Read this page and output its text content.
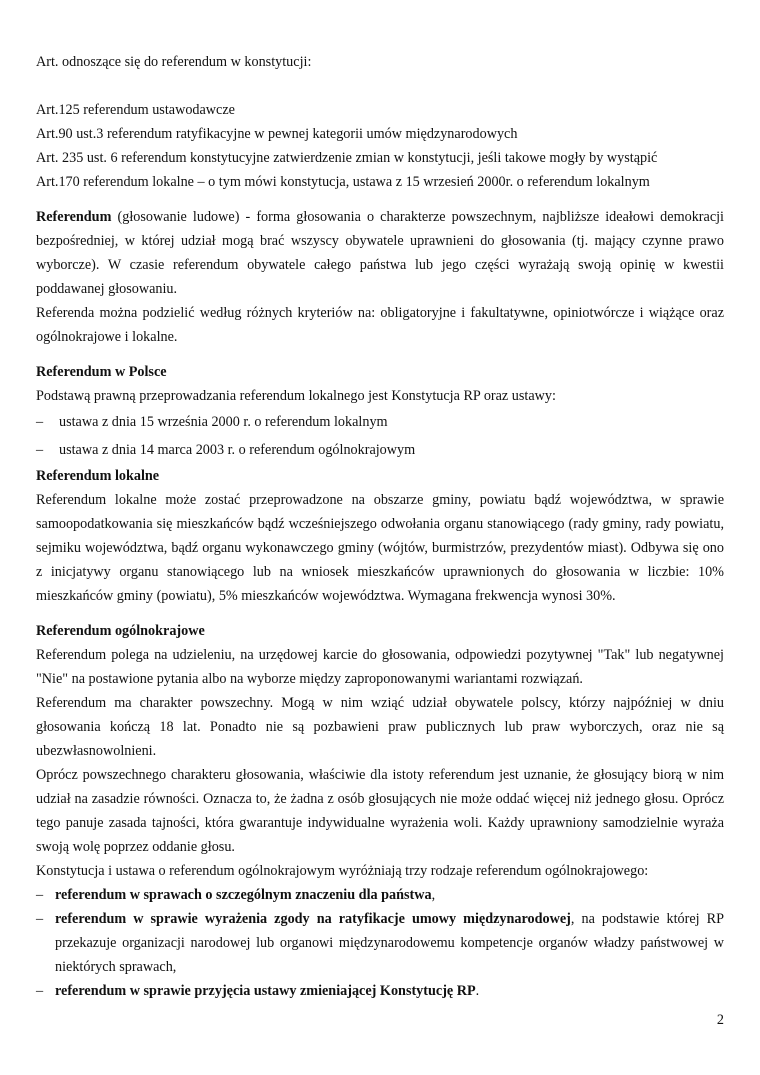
Art. odnoszące się do referendum w konstytucji:

Art.125 referendum ustawodawcze

Art.90 ust.3 referendum ratyfikacyjne w pewnej kategorii umów międzynarodowych

Art. 235 ust. 6 referendum konstytucyjne zatwierdzenie zmian w konstytucji, jeśli takowe mogły by wystąpić

Art.170 referendum lokalne – o tym mówi konstytucja, ustawa z 15 wrzesień 2000r. o referendum lokalnym

Referendum (głosowanie ludowe) - forma głosowania o charakterze powszechnym, najbliższe ideałowi demokracji bezpośredniej, w której udział mogą brać wszyscy obywatele uprawnieni do głosowania (tj. mający czynne prawo wyborcze). W czasie referendum obywatele całego państwa lub jego części wyrażają swoją opinię w kwestii poddawanej głosowaniu.

Referenda można podzielić według różnych kryteriów na: obligatoryjne i fakultatywne, opiniotwórcze i wiążące oraz ogólnokrajowe i lokalne.

Referendum w Polsce

Podstawą prawną przeprowadzania referendum lokalnego jest Konstytucja RP oraz ustawy:

– ustawa z dnia 15 września 2000 r. o referendum lokalnym
– ustawa z dnia 14 marca 2003 r. o referendum ogólnokrajowym

Referendum lokalne

Referendum lokalne może zostać przeprowadzone na obszarze gminy, powiatu bądź województwa, w sprawie samoopodatkowania się mieszkańców bądź wcześniejszego odwołania organu stanowiącego (rady gminy, rady powiatu, sejmiku województwa, bądź organu wykonawczego gminy (wójtów, burmistrzów, prezydentów miast). Odbywa się ono z inicjatywy organu stanowiącego lub na wniosek mieszkańców uprawnionych do głosowania w liczbie: 10% mieszkańców gminy (powiatu), 5% mieszkańców województwa. Wymagana frekwencja wynosi 30%.

Referendum ogólnokrajowe

Referendum polega na udzieleniu, na urzędowej karcie do głosowania, odpowiedzi pozytywnej "Tak" lub negatywnej "Nie" na postawione pytania albo na wyborze między zaproponowanymi wariantami rozwiązań.

Referendum ma charakter powszechny. Mogą w nim wziąć udział obywatele polscy, którzy najpóźniej w dniu głosowania kończą 18 lat. Ponadto nie są pozbawieni praw publicznych lub praw wyborczych, oraz nie są ubezwłasnowolnieni.

Oprócz powszechnego charakteru głosowania, właściwie dla istoty referendum jest uznanie, że głosujący biorą w nim udział na zasadzie równości. Oznacza to, że żadna z osób głosujących nie może oddać więcej niż jednego głosu. Oprócz tego panuje zasada tajności, która gwarantuje indywidualne wyrażenia woli. Każdy uprawniony samodzielnie wyraża swoją wolę poprzez oddanie głosu.

Konstytucja i ustawa o referendum ogólnokrajowym wyróżniają trzy rodzaje referendum ogólnokrajowego:

– referendum w sprawach o szczególnym znaczeniu dla państwa,
– referendum w sprawie wyrażenia zgody na ratyfikacje umowy międzynarodowej, na podstawie której RP przekazuje organizacji narodowej lub organowi międzynarodowemu kompetencje organów władzy państwowej w niektórych sprawach,
– referendum w sprawie przyjęcia ustawy zmieniającej Konstytucję RP.
2
